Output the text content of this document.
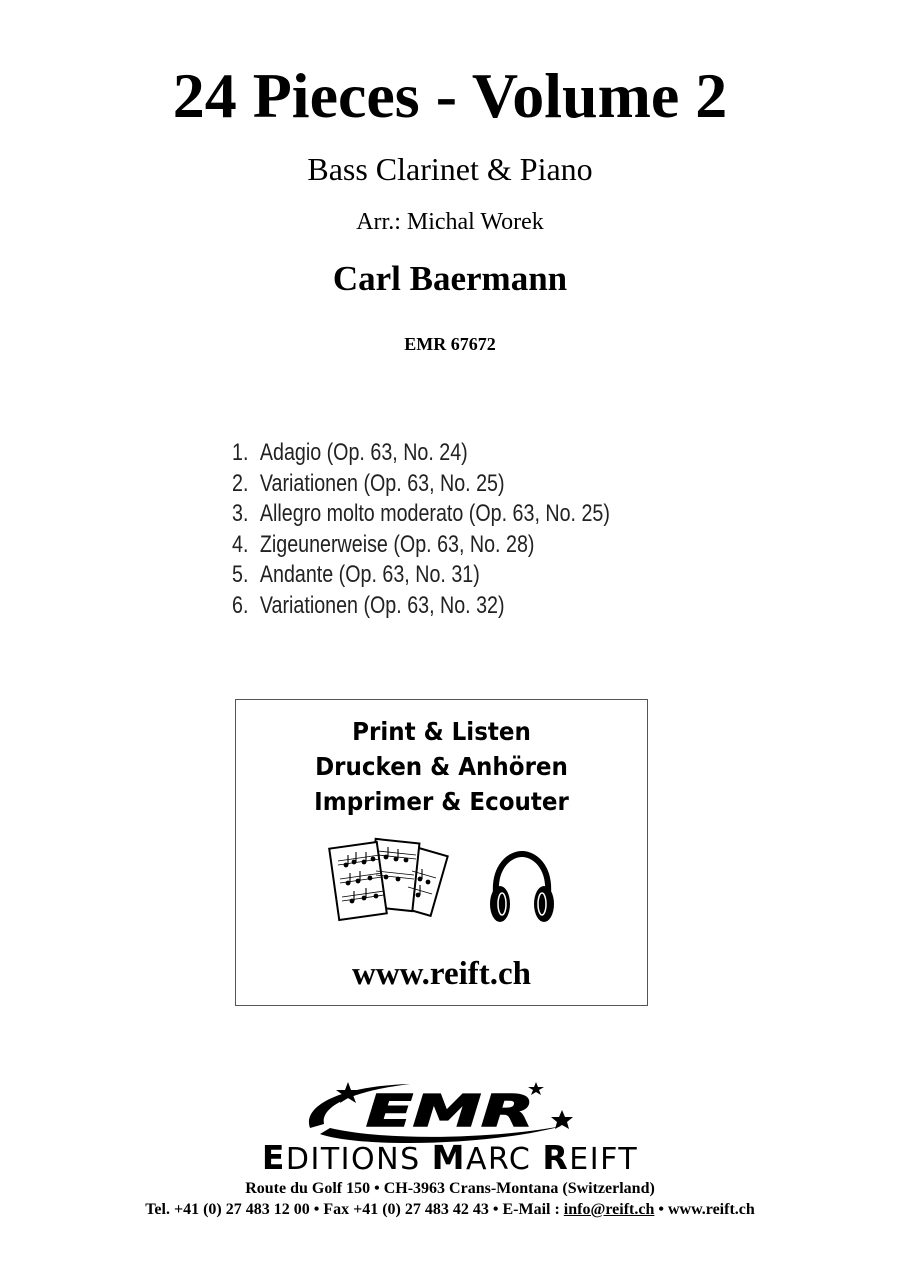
24 Pieces - Volume 2
Bass Clarinet & Piano
Arr.: Michal Worek
Carl Baermann
EMR 67672
1. Adagio (Op. 63, No. 24)
2. Variationen (Op. 63, No. 25)
3. Allegro molto moderato (Op. 63, No. 25)
4. Zigeunerweise (Op. 63, No. 28)
5. Andante (Op. 63, No. 31)
6. Variationen (Op. 63, No. 32)
Print & Listen
Drucken & Anhören
Imprimer & Ecouter
www.reift.ch
EMR
EDITIONS MARC REIFT
Route du Golf 150 • CH-3963 Crans-Montana (Switzerland)
Tel. +41 (0) 27 483 12 00 • Fax +41 (0) 27 483 42 43 • E-Mail : info@reift.ch • www.reift.ch
